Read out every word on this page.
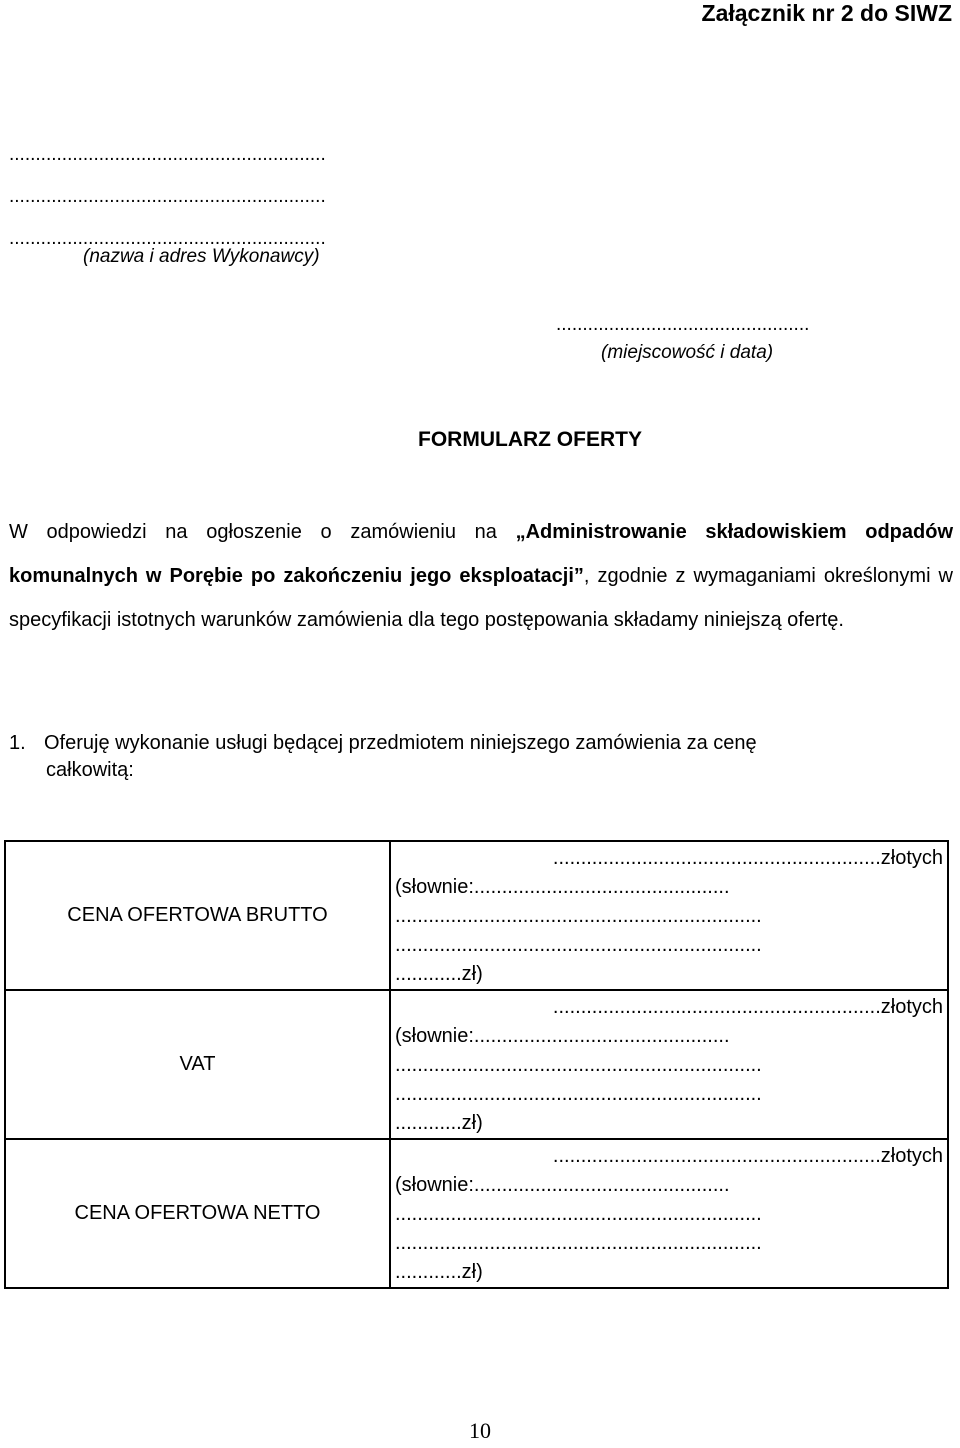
Załącznik nr 2 do SIWZ
............................................................
............................................................
............................................................
(nazwa i adres Wykonawcy)
................................................
(miejscowość i data)
FORMULARZ OFERTY
W odpowiedzi na ogłoszenie o zamówieniu na „Administrowanie składowiskiem odpadów komunalnych w Porębie po zakończeniu jego eksploatacji”, zgodnie z wymaganiami określonymi w specyfikacji istotnych warunków zamówienia dla tego postępowania składamy niniejszą ofertę.
1. Oferuję wykonanie usługi będącej przedmiotem niniejszego zamówienia za cenę
całkowitą:
CENA OFERTOWA BRUTTO	...........................................................złotych
(słownie:..............................................
..................................................................
..................................................................
............zł)

VAT	...........................................................złotych
(słownie:..............................................
..................................................................
..................................................................
............zł)

CENA OFERTOWA NETTO	...........................................................złotych
(słownie:..............................................
..................................................................
..................................................................
............zł)
10
